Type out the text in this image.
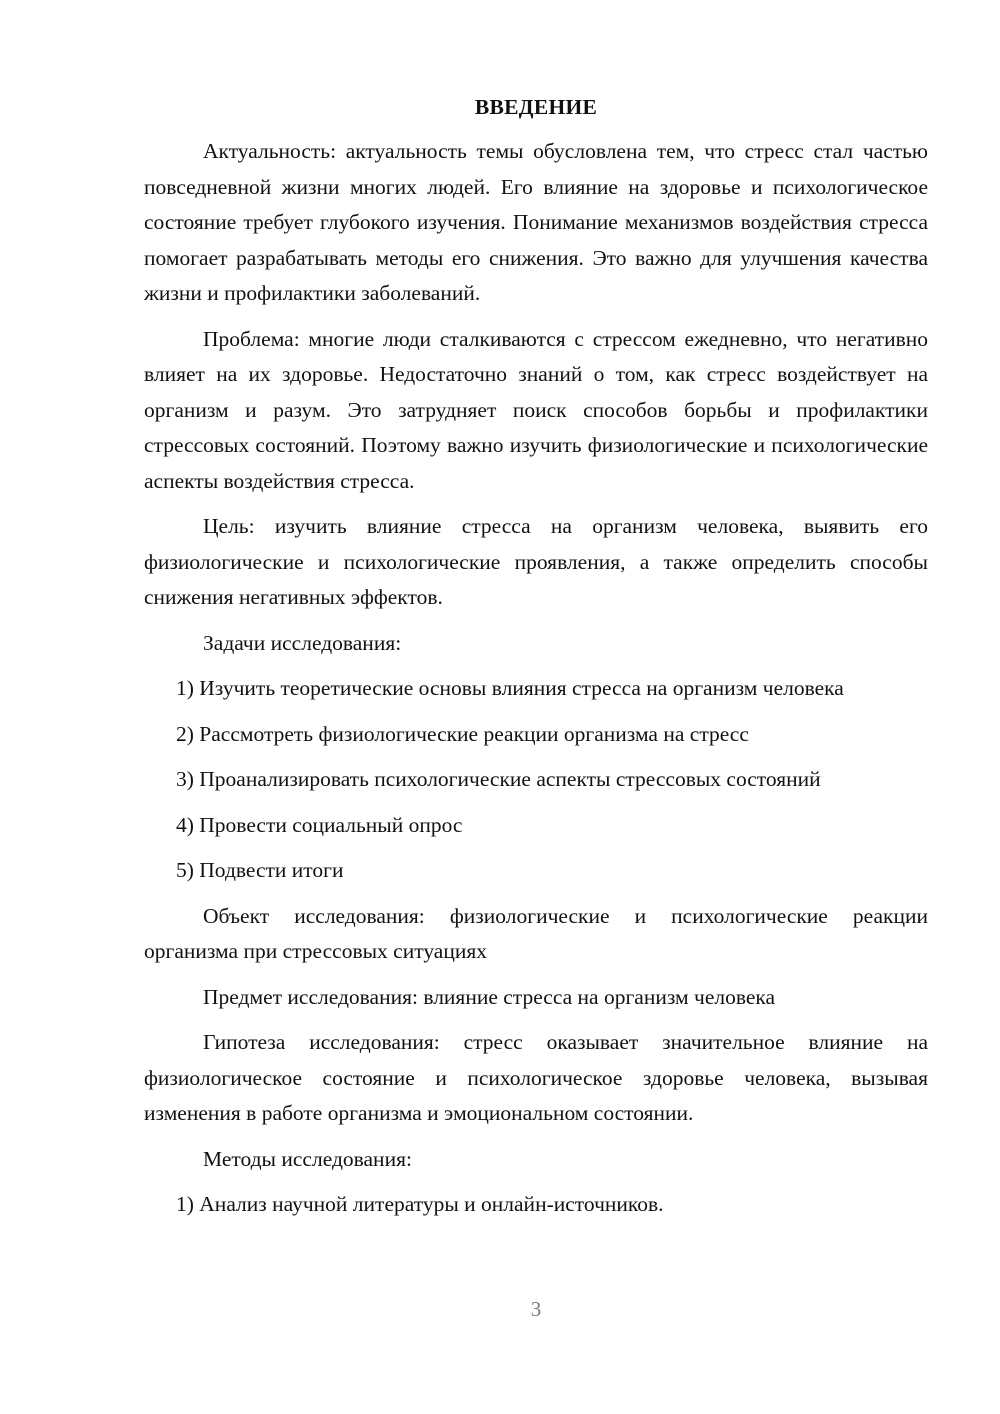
ВВЕДЕНИЕ

Актуальность: актуальность темы обусловлена тем, что стресс стал частью повседневной жизни многих людей. Его влияние на здоровье и психологическое состояние требует глубокого изучения. Понимание механизмов воздействия стресса помогает разрабатывать методы его снижения. Это важно для улучшения качества жизни и профилактики заболеваний.

Проблема: многие люди сталкиваются с стрессом ежедневно, что негативно влияет на их здоровье. Недостаточно знаний о том, как стресс воздействует на организм и разум. Это затрудняет поиск способов борьбы и профилактики стрессовых состояний. Поэтому важно изучить физиологические и психологические аспекты воздействия стресса.

Цель: изучить влияние стресса на организм человека, выявить его физиологические и психологические проявления, а также определить способы снижения негативных эффектов.

Задачи исследования:

1) Изучить теоретические основы влияния стресса на организм человека

2) Рассмотреть физиологические реакции организма на стресс

3) Проанализировать психологические аспекты стрессовых состояний

4) Провести социальный опрос

5) Подвести итоги

Объект исследования: физиологические и психологические реакции организма при стрессовых ситуациях

Предмет исследования: влияние стресса на организм человека

Гипотеза исследования: стресс оказывает значительное влияние на физиологическое состояние и психологическое здоровье человека, вызывая изменения в работе организма и эмоциональном состоянии.

Методы исследования:

1) Анализ научной литературы и онлайн-источников.

3
